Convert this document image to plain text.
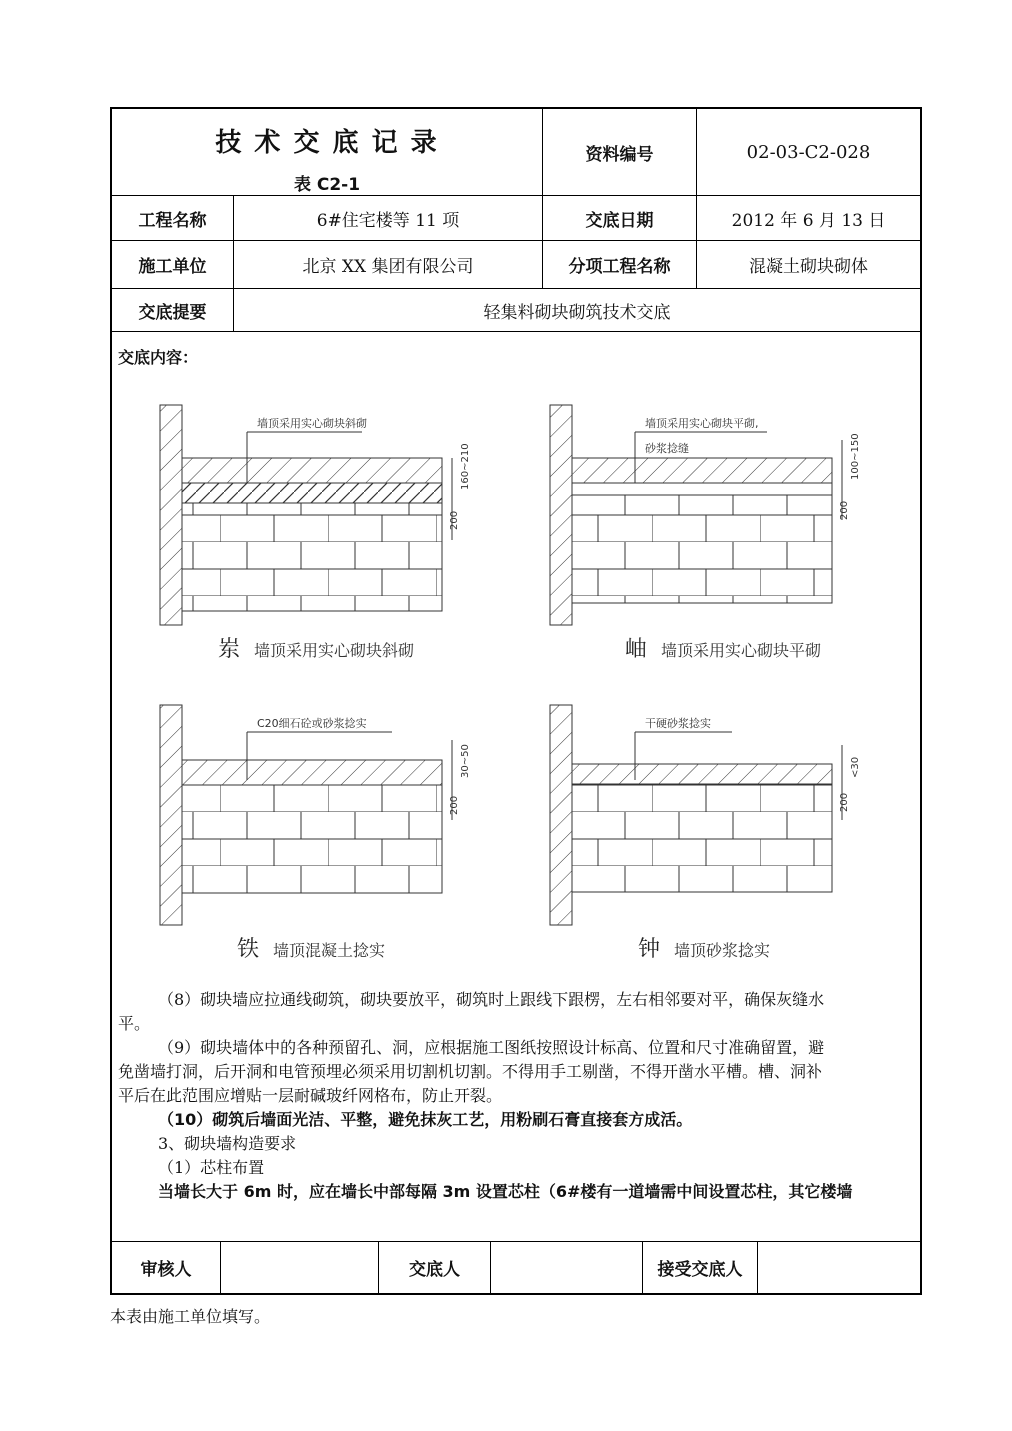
技 术 交 底 记 录
表 C2-1
资料编号	02-03-C2-028
工程名称	6#住宅楼等 11 项	交底日期	2012 年 6 月 13 日
施工单位	北京 XX 集团有限公司	分项工程名称	混凝土砌块砌体
交底提要	轻集料砌块砌筑技术交底
交底内容：
墙顶采用实心砌块斜砌
160~210
200
墙顶采用实心砌块平砌,
砂浆捻缝	100~150
200
C20细石砼或砂浆捻实
30~50
200
干硬砂浆捻实
<30
200
岽 墙顶采用实心砌块斜砌	岫 墙顶采用实心砌块平砌
铁 墙顶混凝土捻实	钟 墙顶砂浆捻实
（8）砌块墙应拉通线砌筑，砌块要放平，砌筑时上跟线下跟楞，左右相邻要对平，确保灰缝水
平。
（9）砌块墙体中的各种预留孔、洞，应根据施工图纸按照设计标高、位置和尺寸准确留置，避
免凿墙打洞，后开洞和电管预埋必须采用切割机切割。不得用手工剔凿，不得开凿水平槽。槽、洞补
平后在此范围应增贴一层耐碱玻纤网格布，防止开裂。
（10）砌筑后墙面光洁、平整，避免抹灰工艺，用粉刷石膏直接套方成活。
3、砌块墙构造要求
（1）芯柱布置
当墙长大于 6m 时，应在墙长中部每隔 3m 设置芯柱（6#楼有一道墙需中间设置芯柱，其它楼墙
审核人	交底人	接受交底人
本表由施工单位填写。
